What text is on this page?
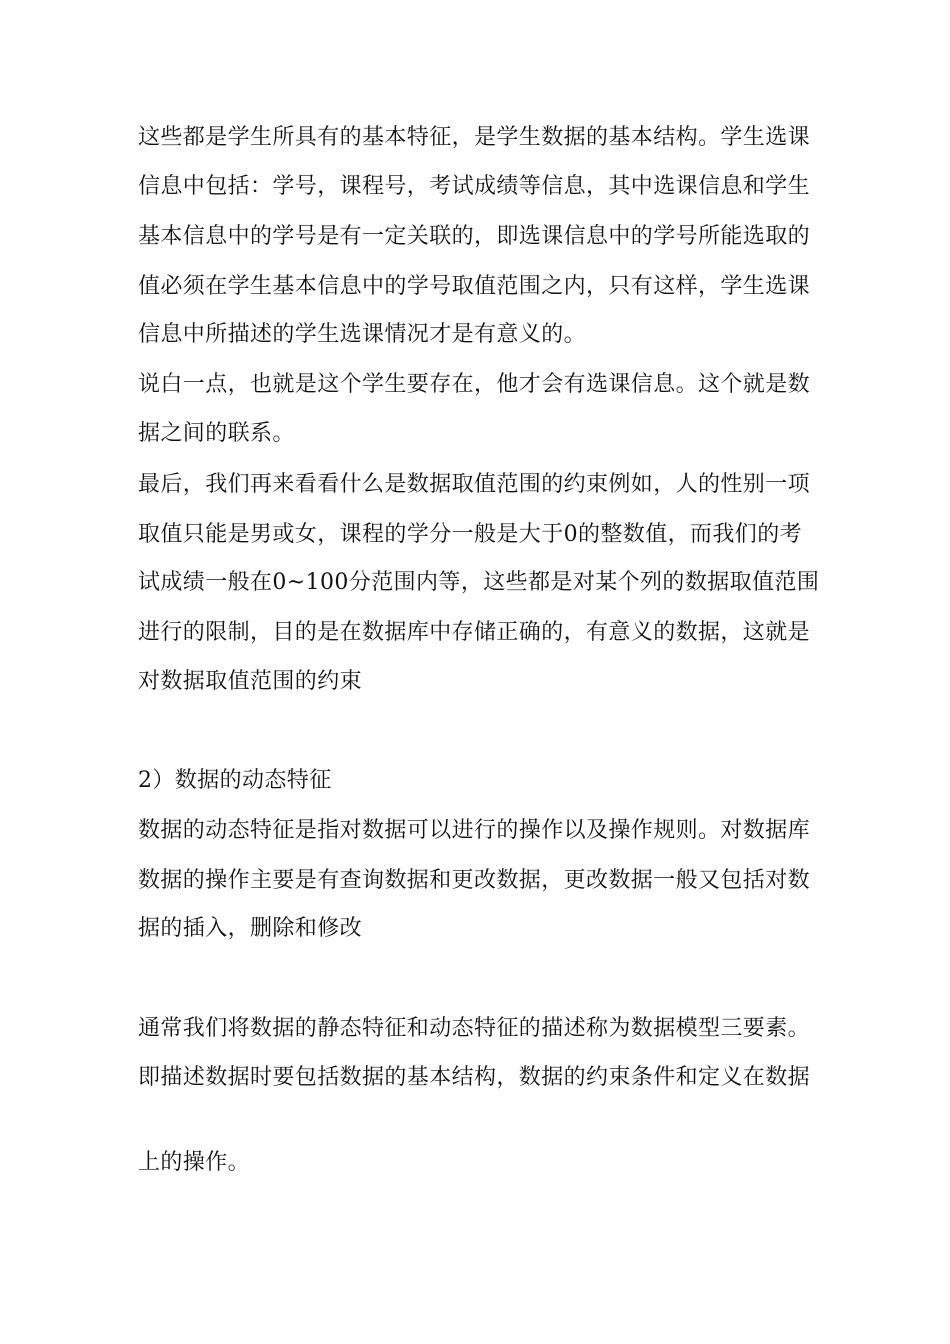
这些都是学生所具有的基本特征，是学生数据的基本结构。学生选课
信息中包括：学号，课程号，考试成绩等信息，其中选课信息和学生
基本信息中的学号是有一定关联的，即选课信息中的学号所能选取的
值必须在学生基本信息中的学号取值范围之内，只有这样，学生选课
信息中所描述的学生选课情况才是有意义的。
说白一点，也就是这个学生要存在，他才会有选课信息。这个就是数
据之间的联系。
最后，我们再来看看什么是数据取值范围的约束例如，人的性别一项
取值只能是男或女，课程的学分一般是大于0的整数值，而我们的考
试成绩一般在0~100分范围内等，这些都是对某个列的数据取值范围
进行的限制，目的是在数据库中存储正确的，有意义的数据，这就是
对数据取值范围的约束
2）数据的动态特征
数据的动态特征是指对数据可以进行的操作以及操作规则。对数据库
数据的操作主要是有查询数据和更改数据，更改数据一般又包括对数
据的插入，删除和修改
通常我们将数据的静态特征和动态特征的描述称为数据模型三要素。
即描述数据时要包括数据的基本结构，数据的约束条件和定义在数据
上的操作。
